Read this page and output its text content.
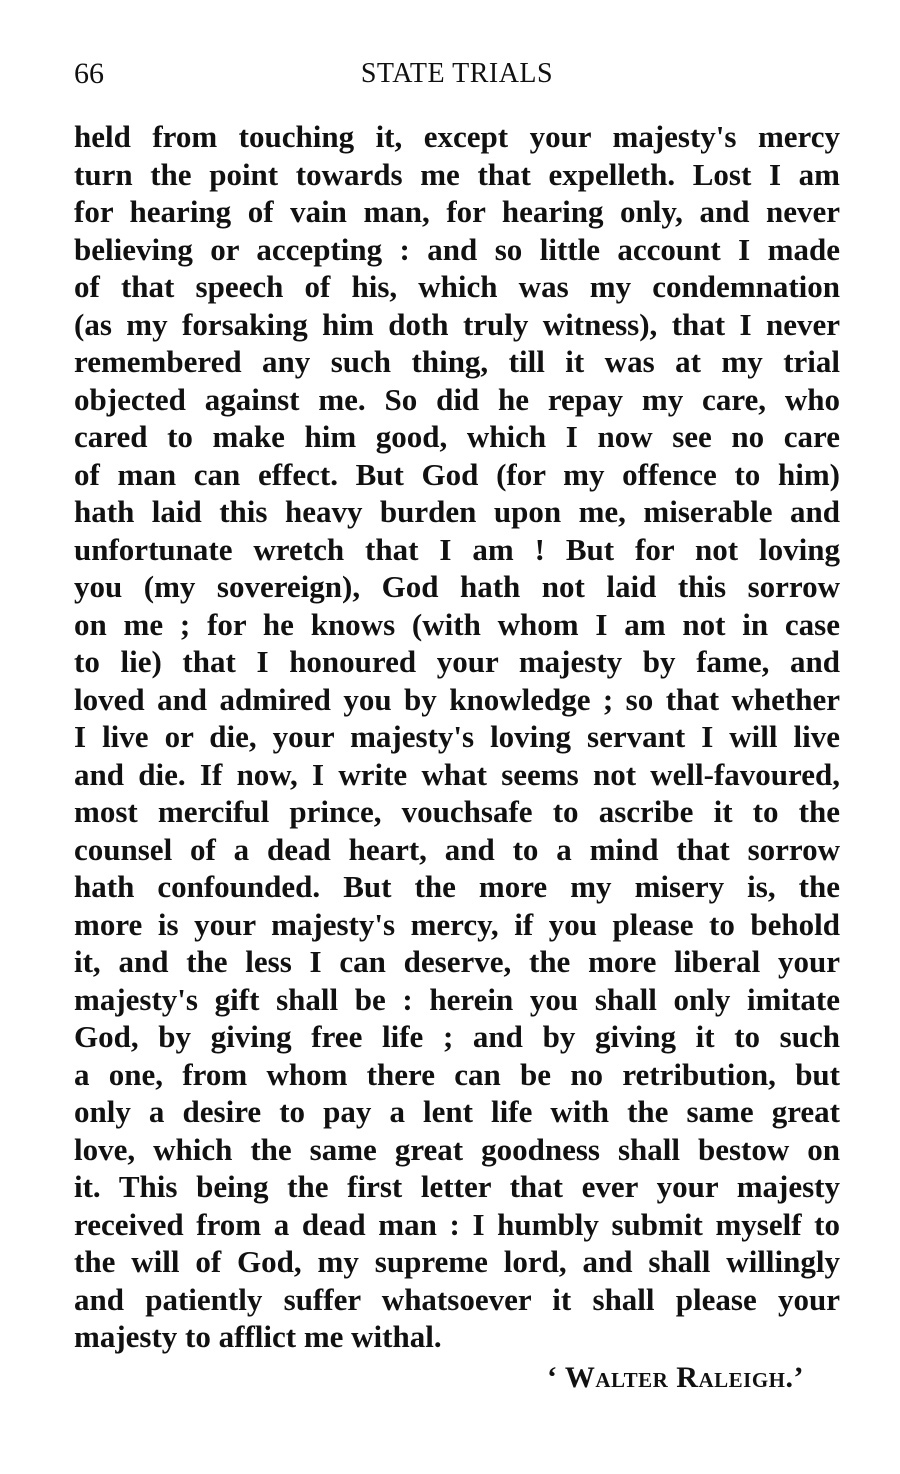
66	STATE TRIALS
held from touching it, except your majesty's mercy
turn the point towards me that expelleth. Lost I am
for hearing of vain man, for hearing only, and never
believing or accepting : and so little account I made
of that speech of his, which was my condemnation
(as my forsaking him doth truly witness), that I never
remembered any such thing, till it was at my trial
objected against me. So did he repay my care, who
cared to make him good, which I now see no care
of man can effect. But God (for my offence to him)
hath laid this heavy burden upon me, miserable and
unfortunate wretch that I am ! But for not loving
you (my sovereign), God hath not laid this sorrow
on me ; for he knows (with whom I am not in case
to lie) that I honoured your majesty by fame, and
loved and admired you by knowledge ; so that whether
I live or die, your majesty's loving servant I will live
and die. If now, I write what seems not well-favoured,
most merciful prince, vouchsafe to ascribe it to the
counsel of a dead heart, and to a mind that sorrow
hath confounded. But the more my misery is, the
more is your majesty's mercy, if you please to behold
it, and the less I can deserve, the more liberal your
majesty's gift shall be : herein you shall only imitate
God, by giving free life ; and by giving it to such
a one, from whom there can be no retribution, but
only a desire to pay a lent life with the same great
love, which the same great goodness shall bestow on
it. This being the first letter that ever your majesty
received from a dead man : I humbly submit myself to
the will of God, my supreme lord, and shall willingly
and patiently suffer whatsoever it shall please your
majesty to afflict me withal.
‘ Walter Raleigh.’
